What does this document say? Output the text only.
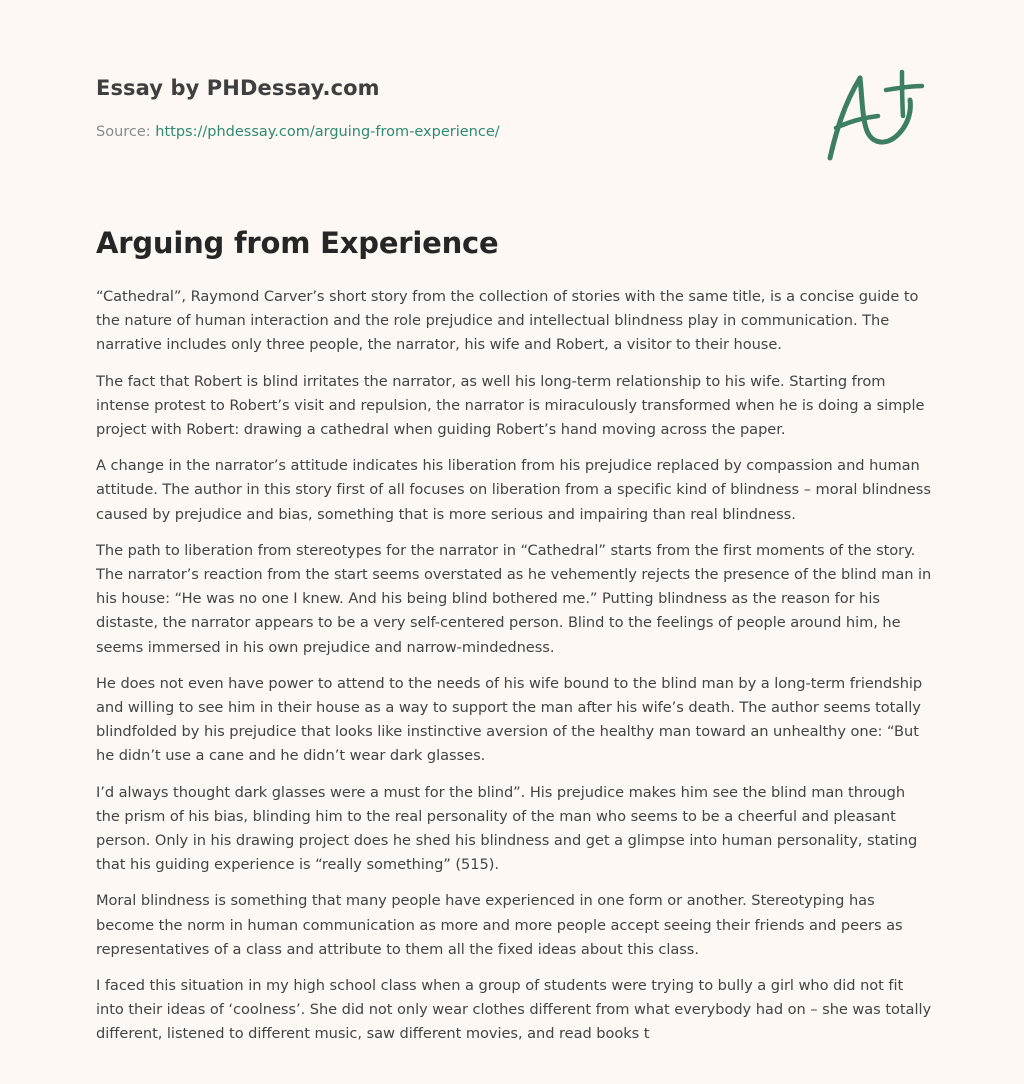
Essay by PHDessay.com
Source: https://phdessay.com/arguing-from-experience/
Arguing from Experience

“Cathedral”, Raymond Carver’s short story from the collection of stories with the same title, is a concise guide to the nature of human interaction and the role prejudice and intellectual blindness play in communication. The narrative includes only three people, the narrator, his wife and Robert, a visitor to their house.

The fact that Robert is blind irritates the narrator, as well his long-term relationship to his wife. Starting from intense protest to Robert’s visit and repulsion, the narrator is miraculously transformed when he is doing a simple project with Robert: drawing a cathedral when guiding Robert’s hand moving across the paper.

A change in the narrator’s attitude indicates his liberation from his prejudice replaced by compassion and human attitude. The author in this story first of all focuses on liberation from a specific kind of blindness – moral blindness caused by prejudice and bias, something that is more serious and impairing than real blindness.

The path to liberation from stereotypes for the narrator in “Cathedral” starts from the first moments of the story. The narrator’s reaction from the start seems overstated as he vehemently rejects the presence of the blind man in his house: “He was no one I knew. And his being blind bothered me.” Putting blindness as the reason for his distaste, the narrator appears to be a very self-centered person. Blind to the feelings of people around him, he seems immersed in his own prejudice and narrow-mindedness.

He does not even have power to attend to the needs of his wife bound to the blind man by a long-term friendship and willing to see him in their house as a way to support the man after his wife’s death. The author seems totally blindfolded by his prejudice that looks like instinctive aversion of the healthy man toward an unhealthy one: “But he didn’t use a cane and he didn’t wear dark glasses.

I’d always thought dark glasses were a must for the blind”. His prejudice makes him see the blind man through the prism of his bias, blinding him to the real personality of the man who seems to be a cheerful and pleasant person. Only in his drawing project does he shed his blindness and get a glimpse into human personality, stating that his guiding experience is “really something” (515).

Moral blindness is something that many people have experienced in one form or another. Stereotyping has become the norm in human communication as more and more people accept seeing their friends and peers as representatives of a class and attribute to them all the fixed ideas about this class.

I faced this situation in my high school class when a group of students were trying to bully a girl who did not fit into their ideas of ‘coolness’. She did not only wear clothes different from what everybody had on – she was totally different, listened to different music, saw different movies, and read books t
